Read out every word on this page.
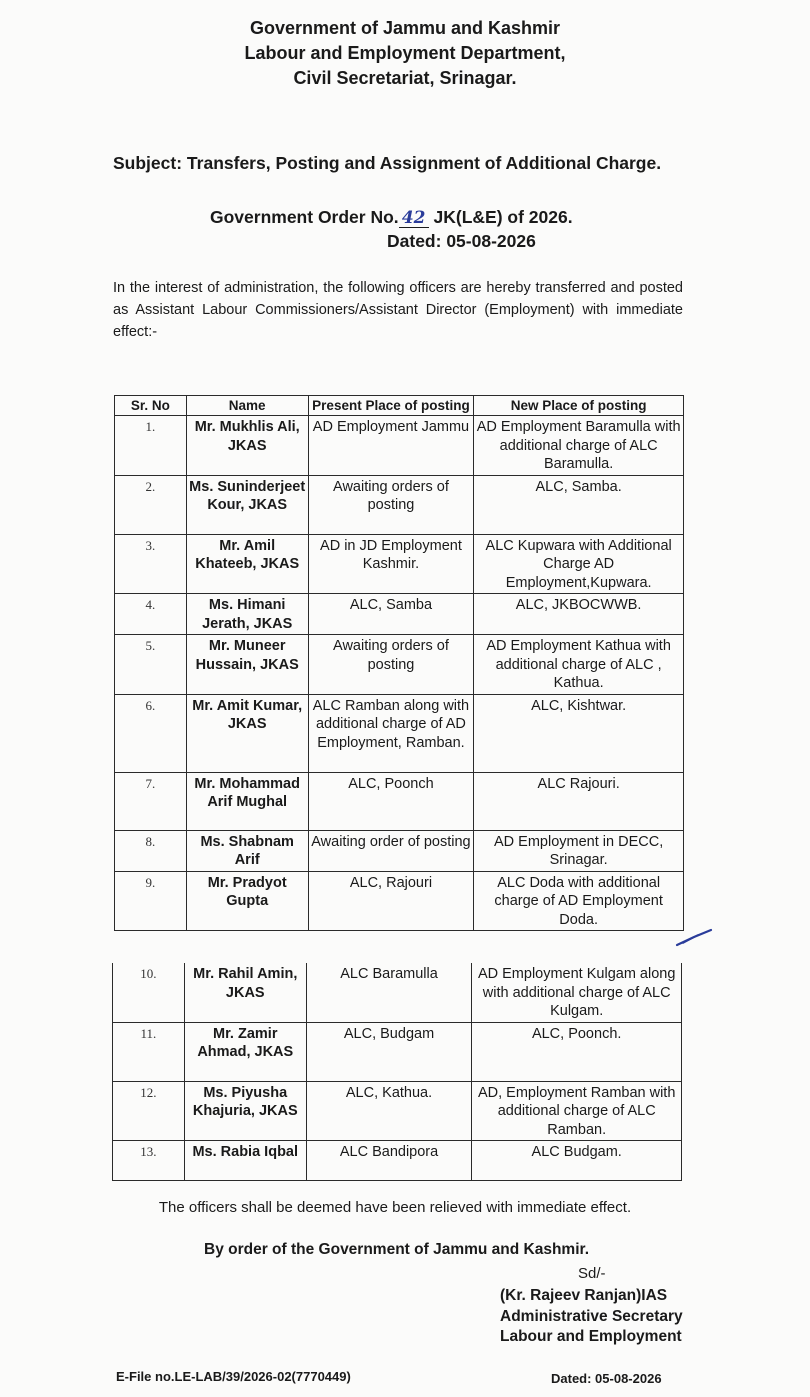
Government of Jammu and Kashmir
Labour and Employment Department,
Civil Secretariat, Srinagar.
Subject: Transfers, Posting and Assignment of Additional Charge.
Government Order No. 42 JK(L&E) of 2026.
Dated: 05-08-2026
In the interest of administration, the following officers are hereby transferred and posted as Assistant Labour Commissioners/Assistant Director (Employment) with immediate effect:-
Sr. No	Name	Present Place of posting	New Place of posting
1.	Mr. Mukhlis Ali, JKAS	AD Employment Jammu	AD Employment Baramulla with additional charge of ALC Baramulla.
2.	Ms. Suninderjeet Kour, JKAS	Awaiting orders of posting	ALC, Samba.
3.	Mr. Amil Khateeb, JKAS	AD in JD Employment Kashmir.	ALC Kupwara with Additional Charge AD Employment,Kupwara.
4.	Ms. Himani Jerath, JKAS	ALC, Samba	ALC, JKBOCWWB.
5.	Mr. Muneer Hussain, JKAS	Awaiting orders of posting	AD Employment Kathua with additional charge of ALC , Kathua.
6.	Mr. Amit Kumar, JKAS	ALC Ramban along with additional charge of AD Employment, Ramban.	ALC, Kishtwar.
7.	Mr. Mohammad Arif Mughal	ALC, Poonch	ALC Rajouri.
8.	Ms. Shabnam Arif	Awaiting order of posting	AD Employment in DECC, Srinagar.
9.	Mr. Pradyot Gupta	ALC, Rajouri	ALC Doda with additional charge of AD Employment Doda.
10.	Mr. Rahil Amin, JKAS	ALC Baramulla	AD Employment Kulgam along with additional charge of ALC Kulgam.
11.	Mr. Zamir Ahmad, JKAS	ALC, Budgam	ALC, Poonch.
12.	Ms. Piyusha Khajuria, JKAS	ALC, Kathua.	AD, Employment Ramban with additional charge of ALC Ramban.
13.	Ms. Rabia Iqbal	ALC Bandipora	ALC Budgam.
The officers shall be deemed have been relieved with immediate effect.
By order of the Government of Jammu and Kashmir.
Sd/-
(Kr. Rajeev Ranjan)IAS
Administrative Secretary
Labour and Employment
E-File no.LE-LAB/39/2026-02(7770449)	Dated: 05-08-2026
